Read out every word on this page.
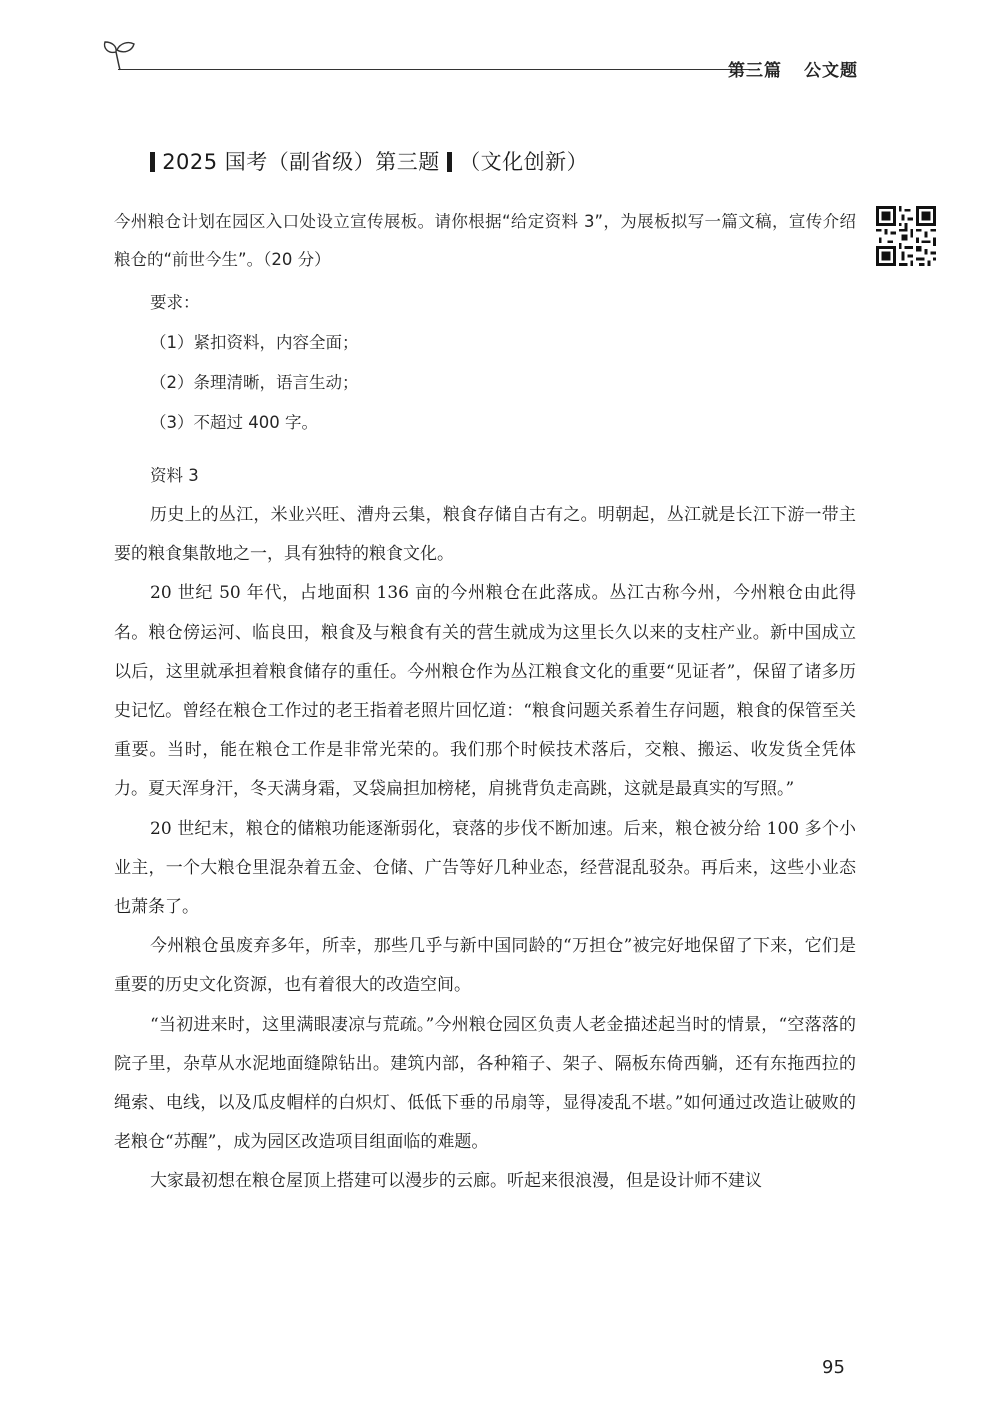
第三篇 公文题
2025 国考（副省级）第三题 （文化创新）
今州粮仓计划在园区入口处设立宣传展板。请你根据“给定资料 3”，为展板拟写一篇文稿，宣传介绍粮仓的“前世今生”。（20 分）
要求：
（1）紧扣资料，内容全面；
（2）条理清晰，语言生动；
（3）不超过 400 字。
资料 3

历史上的丛江，米业兴旺、漕舟云集，粮食存储自古有之。明朝起，丛江就是长江下游一带主要的粮食集散地之一，具有独特的粮食文化。

20 世纪 50 年代，占地面积 136 亩的今州粮仓在此落成。丛江古称今州，今州粮仓由此得名。粮仓傍运河、临良田，粮食及与粮食有关的营生就成为这里长久以来的支柱产业。新中国成立以后，这里就承担着粮食储存的重任。今州粮仓作为丛江粮食文化的重要“见证者”，保留了诸多历史记忆。曾经在粮仓工作过的老王指着老照片回忆道：“粮食问题关系着生存问题，粮食的保管至关重要。当时，能在粮仓工作是非常光荣的。我们那个时候技术落后，交粮、搬运、收发货全凭体力。夏天浑身汗，冬天满身霜，叉袋扁担加榜栳，肩挑背负走高跳，这就是最真实的写照。”

20 世纪末，粮仓的储粮功能逐渐弱化，衰落的步伐不断加速。后来，粮仓被分给 100 多个小业主，一个大粮仓里混杂着五金、仓储、广告等好几种业态，经营混乱驳杂。再后来，这些小业态也萧条了。

今州粮仓虽废弃多年，所幸，那些几乎与新中国同龄的“万担仓”被完好地保留了下来，它们是重要的历史文化资源，也有着很大的改造空间。

“当初进来时，这里满眼凄凉与荒疏。”今州粮仓园区负责人老金描述起当时的情景，“空落落的院子里，杂草从水泥地面缝隙钻出。建筑内部，各种箱子、架子、隔板东倚西躺，还有东拖西拉的绳索、电线，以及瓜皮帽样的白炽灯、低低下垂的吊扇等，显得凌乱不堪。”如何通过改造让破败的老粮仓“苏醒”，成为园区改造项目组面临的难题。

大家最初想在粮仓屋顶上搭建可以漫步的云廊。听起来很浪漫，但是设计师不建议

95
